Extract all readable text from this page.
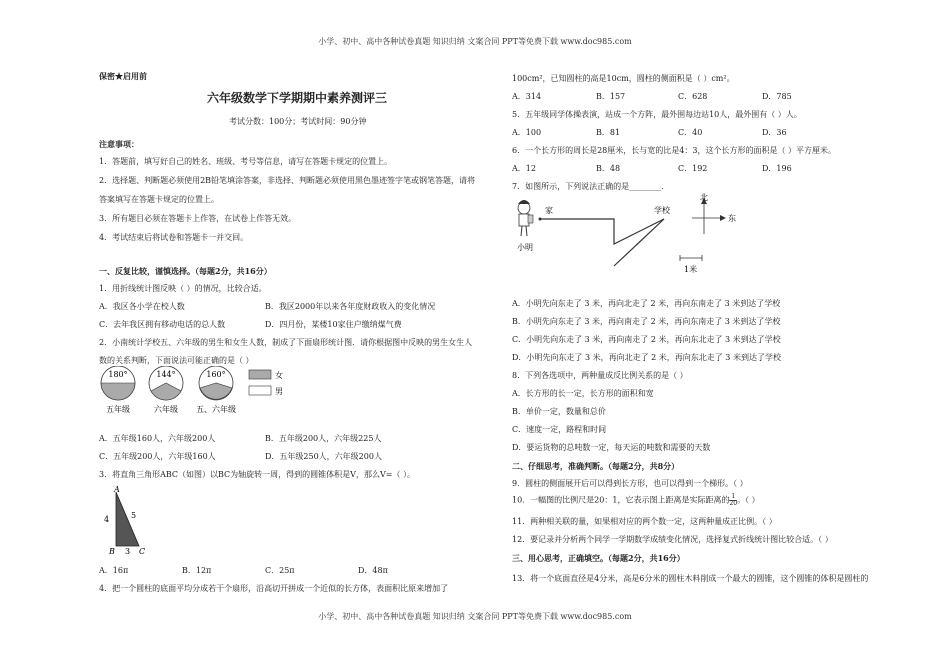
小学、初中、高中各种试卷真题 知识归纳 文案合同 PPT等免费下载 www.doc985.com
保密★启用前
六年级数学下学期期中素养测评三
考试分数：100分；考试时间：90分钟
注意事项：
1．答题前，填写好自己的姓名、班级、考号等信息，请写在答题卡规定的位置上。
2．选择题、判断题必须使用2B铅笔填涂答案，非选择、判断题必须使用黑色墨迹签字笔或钢笔答题，请将
答案填写在答题卡规定的位置上。
3．所有题目必须在答题卡上作答，在试卷上作答无效。
4．考试结束后将试卷和答题卡一并交回。
一、反复比较，谨慎选择。（每题2分，共16分）
1．用折线统计图反映（ ）的情况，比较合适。
A．我区各小学在校人数	B．我区2000年以来各年度财政收入的变化情况
C．去年我区拥有移动电话的总人数	D．四月份，某楼10家住户缴纳煤气费
2．小南统计学校五、六年级的男生和女生人数，制成了下面扇形统计图．请你根据图中反映的男生女生人
数的关系判断，下面说法可能正确的是（ ）
180°
五年级
144°
六年级
160°
五、六年级
女
男
A．五年级160人，六年级200人	B．五年级200人，六年级225人
C．五年级200人，六年级160人	D．五年级250人，六年级200人
3．将直角三角形ABC（如图）以BC为轴旋转一周，得到的圆锥体积是V，那么V=（ ）。
A
B	C
4	5
3
A．16π	B．12π	C．25π	D．48π
4．把一个圆柱的底面平均分成若干个扇形，沿高切开拼成一个近似的长方体，表面积比原来增加了
100cm²，已知圆柱的高是10cm，圆柱的侧面积是（ ）cm²。
A．314	B．157	C．628	D．785
5．五年级同学体操表演，站成一个方阵，最外围每边站10人，最外围有（ ）人。
A．100	B．81	C．40	D．36
6．一个长方形的周长是28厘米，长与宽的比是4：3，这个长方形的面积是（ ）平方厘米。
A．12	B．48	C．192	D．196
7．如图所示，下列说法正确的是________．
小明
家	学校
北
东
1米
A．小明先向东走了 3 米，再向北走了 2 米，再向东南走了 3 米到达了学校
B．小明先向东走了 3 米，再向南走了 2 米，再向东南走了 3 米到达了学校
C．小明先向东走了 3 米，再向南走了 2 米，再向东北走了 3 米到达了学校
D．小明先向东走了 3 米，再向北走了 2 米，再向东北走了 3 米到达了学校
8．下列各选项中，两种量成反比例关系的是（ ）
A．长方形的长一定，长方形的面积和宽
B．单价一定，数量和总价
C．速度一定，路程和时间
D．要运货物的总吨数一定，每天运的吨数和需要的天数
二、仔细思考，准确判断。（每题2分，共8分）
9．圆柱的侧面展开后可以得到长方形，也可以得到一个梯形。（ ）
10．一幅图的比例尺是20：1，它表示图上距离是实际距离的 $\frac{1}{20}$ 。（ ）
11．两种相关联的量，如果相对应的两个数一定，这两种量成正比例。（ ）
12．要记录并分析两个同学一学期数学成绩变化情况，选择复式折线统计图比较合适。（ ）
三、用心思考，正确填空。（每题2分，共16分）
13．将一个底面直径是4分米，高是6分米的圆柱木料削成一个最大的圆锥，这个圆锥的体积是圆柱的
小学、初中、高中各种试卷真题 知识归纳 文案合同 PPT等免费下载 www.doc985.com
